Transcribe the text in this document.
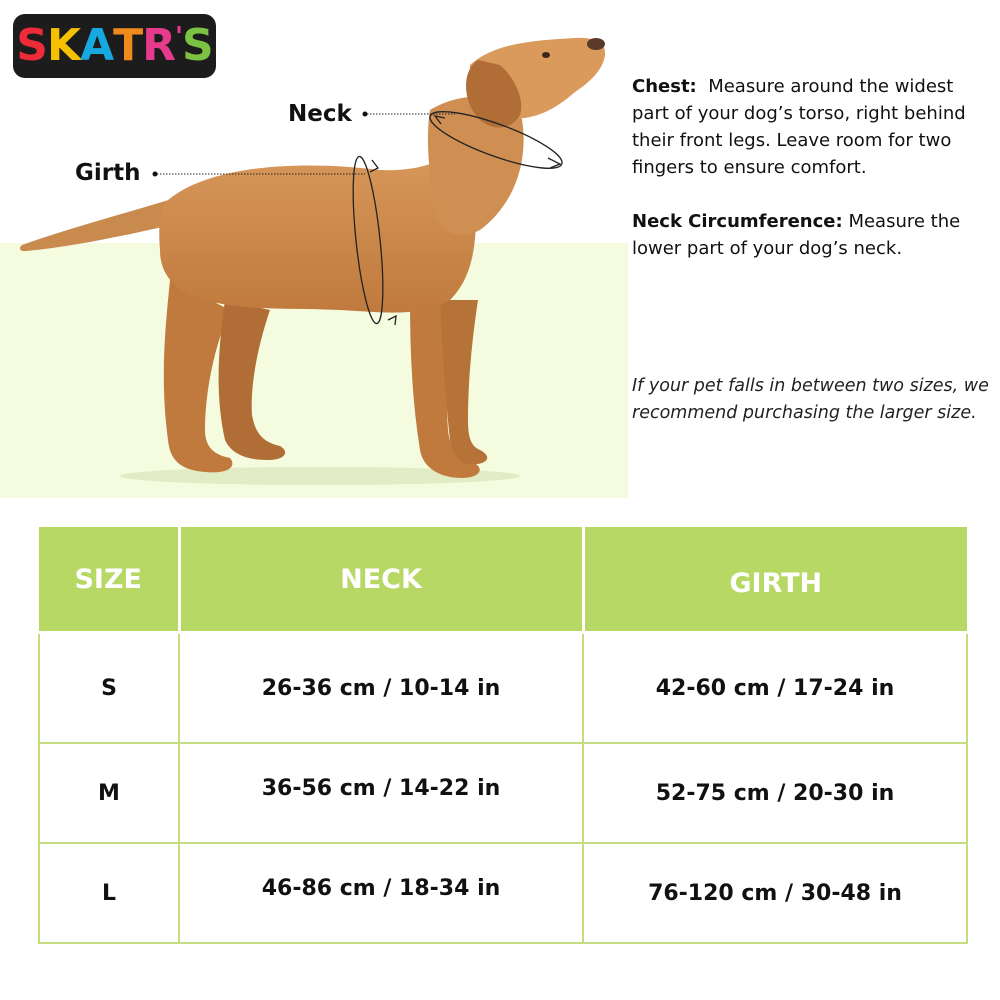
SKATR'S
Neck
Girth
Chest: Measure around the widest part of your dog’s torso, right behind their front legs. Leave room for two fingers to ensure comfort.
Neck Circumference: Measure the lower part of your dog’s neck.
If your pet falls in between two sizes, we recommend purchasing the larger size.
SIZE	NECK	GIRTH
S	26-36 cm / 10-14 in	42-60 cm / 17-24 in
M	36-56 cm / 14-22 in	52-75 cm / 20-30 in
L	46-86 cm / 18-34 in	76-120 cm / 30-48 in
